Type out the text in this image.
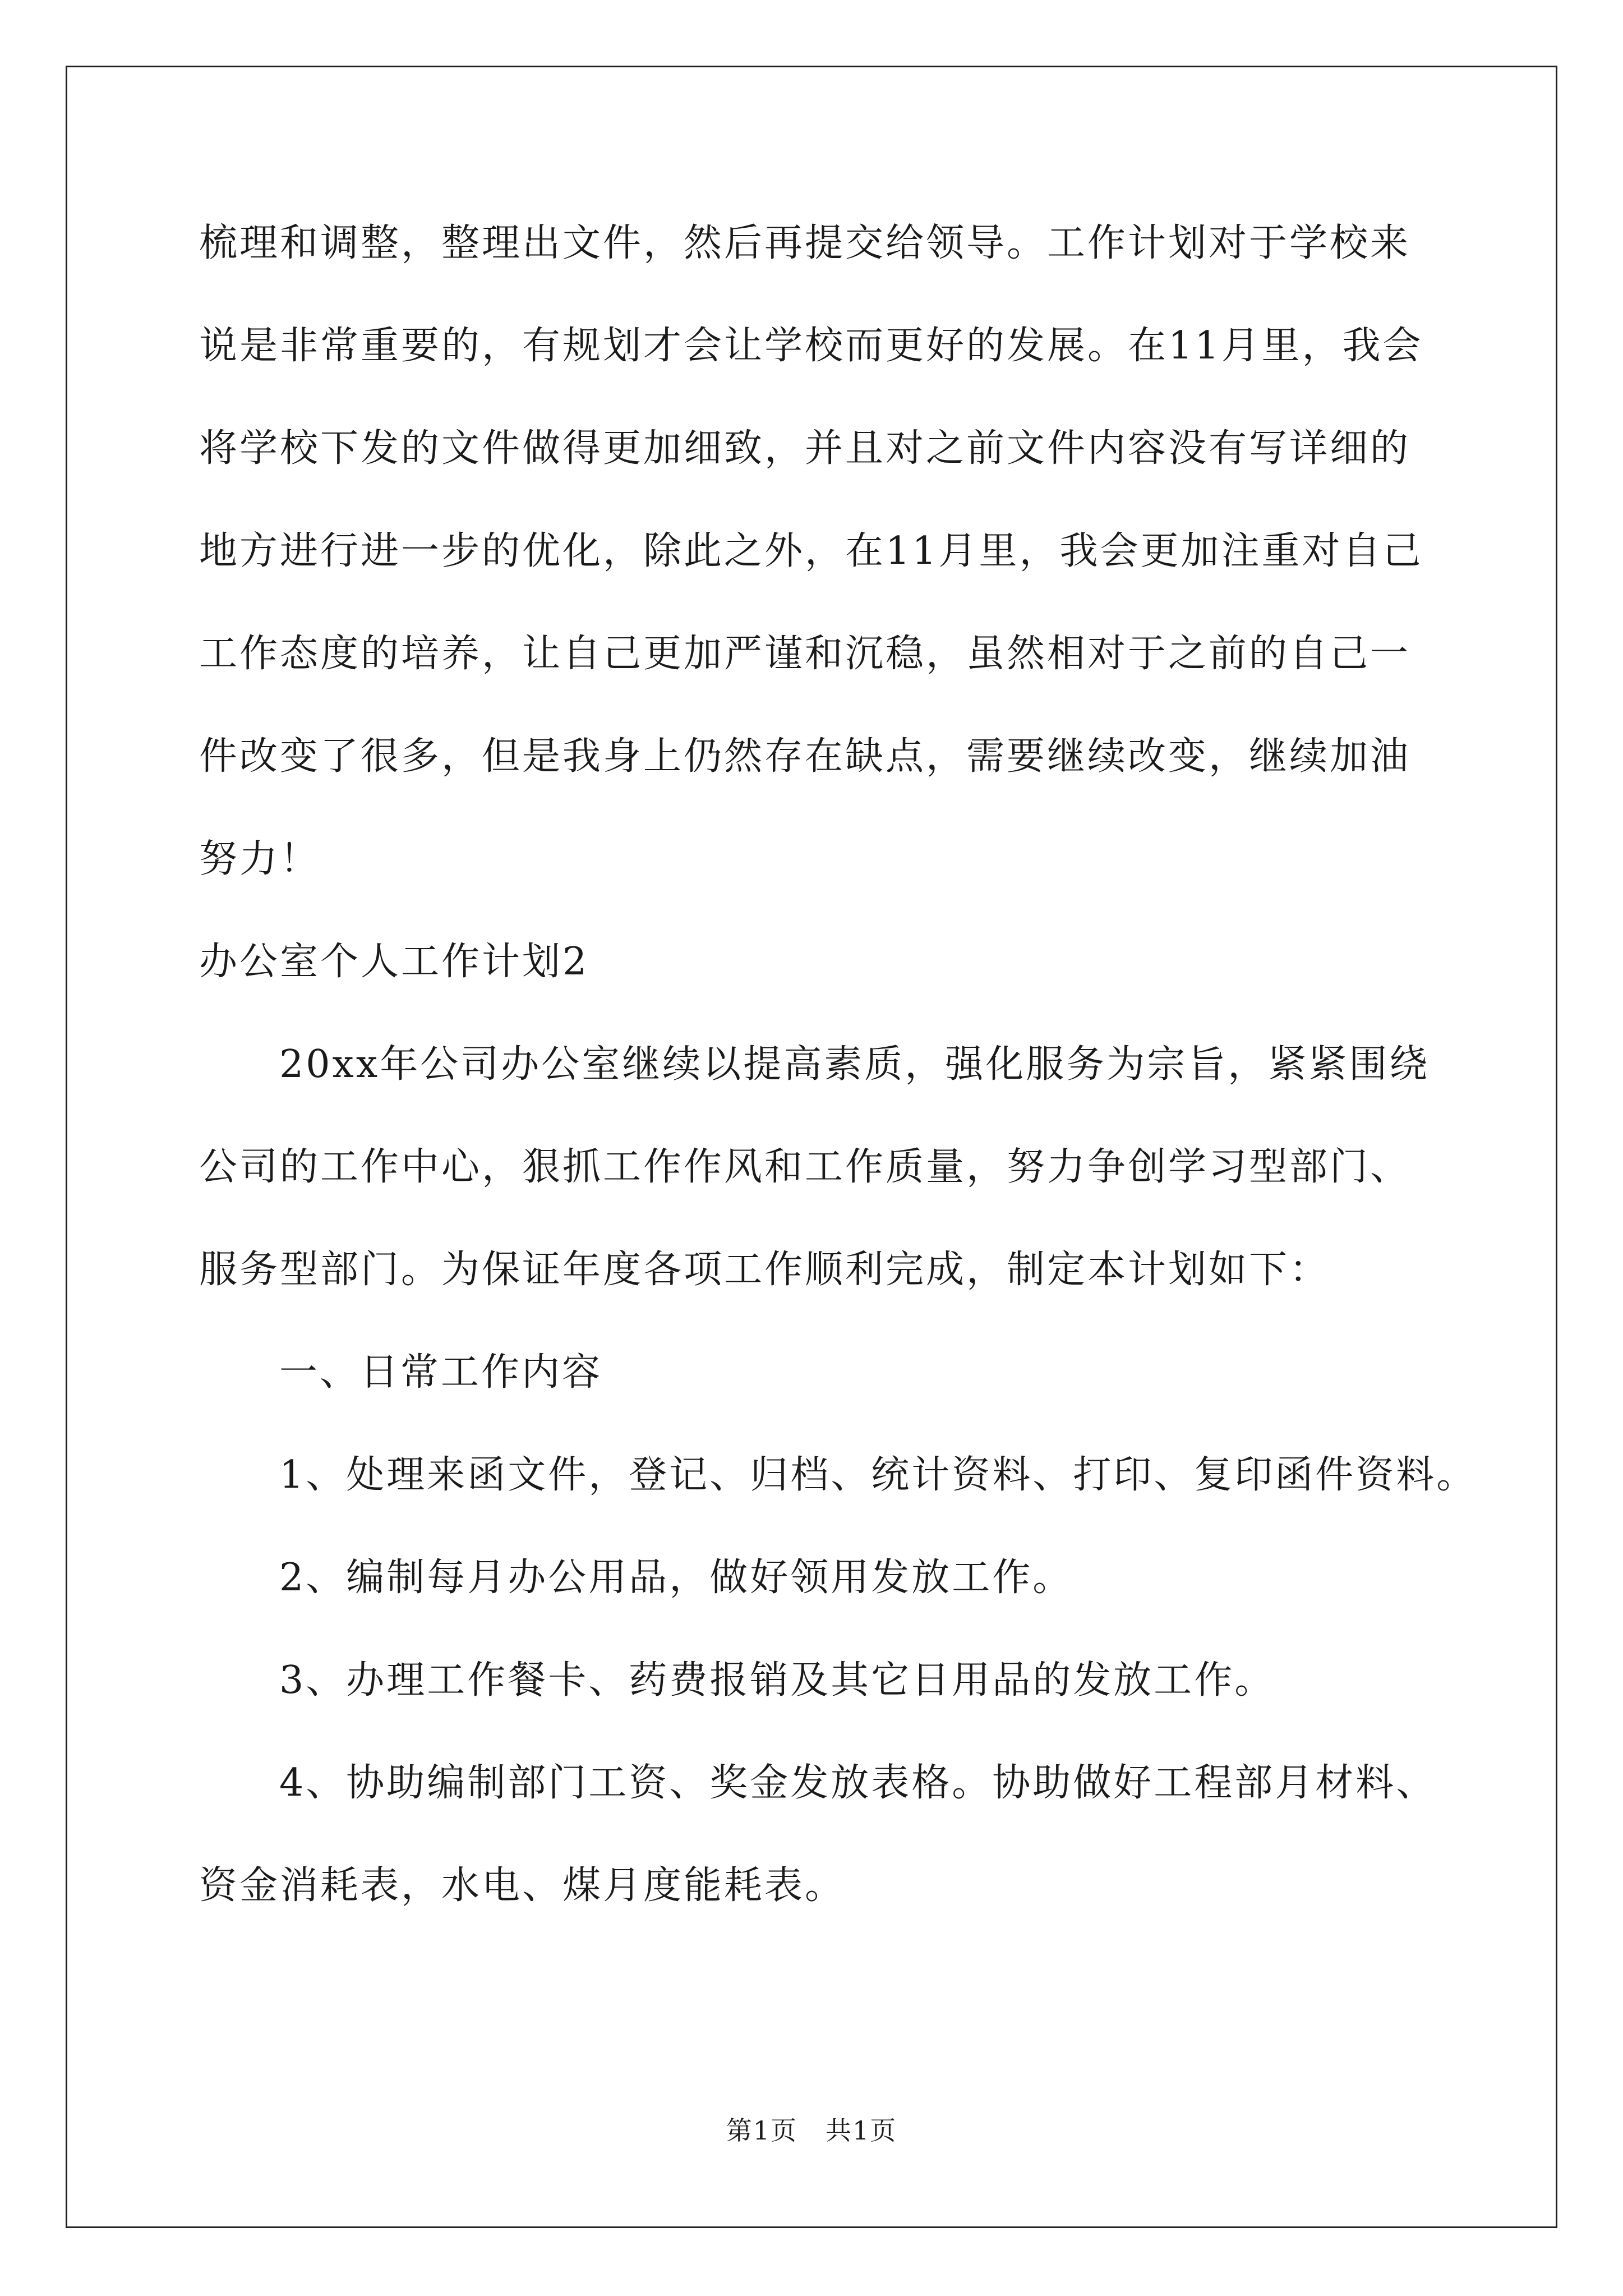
梳理和调整，整理出文件，然后再提交给领导。工作计划对于学校来

说是非常重要的，有规划才会让学校而更好的发展。在11月里，我会

将学校下发的文件做得更加细致，并且对之前文件内容没有写详细的

地方进行进一步的优化，除此之外，在11月里，我会更加注重对自己

工作态度的培养，让自己更加严谨和沉稳，虽然相对于之前的自己一

件改变了很多，但是我身上仍然存在缺点，需要继续改变，继续加油

努力！

办公室个人工作计划2

20xx年公司办公室继续以提高素质，强化服务为宗旨，紧紧围绕

公司的工作中心，狠抓工作作风和工作质量，努力争创学习型部门、

服务型部门。为保证年度各项工作顺利完成，制定本计划如下：

一、日常工作内容

1、处理来函文件，登记、归档、统计资料、打印、复印函件资料。

2、编制每月办公用品，做好领用发放工作。

3、办理工作餐卡、药费报销及其它日用品的发放工作。

4、协助编制部门工资、奖金发放表格。协助做好工程部月材料、

资金消耗表，水电、煤月度能耗表。

第1页 共1页
